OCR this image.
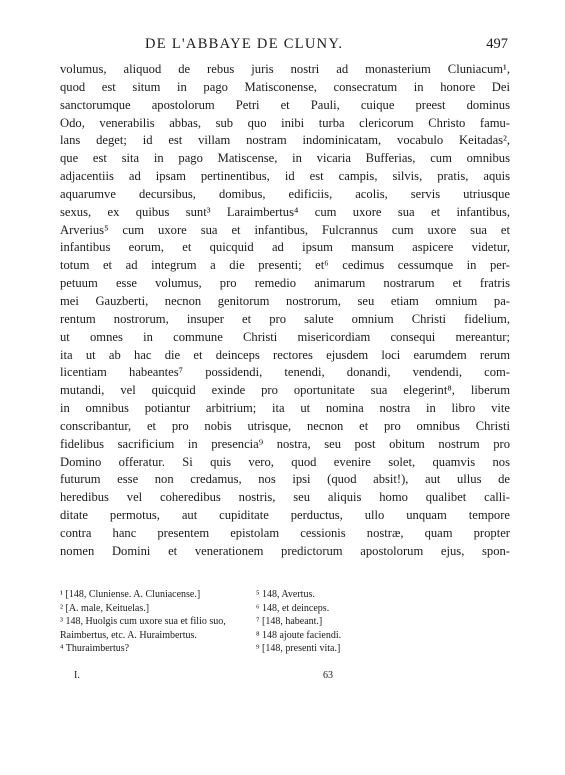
DE L'ABBAYE DE CLUNY.	497
volumus, aliquod de rebus juris nostri ad monasterium Cluniacum¹,
quod est situm in pago Matisconense, consecratum in honore Dei
sanctorumque apostolorum Petri et Pauli, cuique preest dominus
Odo, venerabilis abbas, sub quo inibi turba clericorum Christo famu-
lans deget; id est villam nostram indominicatam, vocabulo Keitadas²,
que est sita in pago Matiscense, in vicaria Bufferias, cum omnibus
adjacentiis ad ipsam pertinentibus, id est campis, silvis, pratis, aquis
aquarumve decursibus, domibus, edificiis, acolis, servis utriusque
sexus, ex quibus sunt³ Laraimbertus⁴ cum uxore sua et infantibus,
Arverius⁵ cum uxore sua et infantibus, Fulcrannus cum uxore sua et
infantibus eorum, et quicquid ad ipsum mansum aspicere videtur,
totum et ad integrum a die presenti; et⁶ cedimus cessumque in per-
petuum esse volumus, pro remedio animarum nostrarum et fratris
mei Gauzberti, necnon genitorum nostrorum, seu etiam omnium pa-
rentum nostrorum, insuper et pro salute omnium Christi fidelium,
ut omnes in commune Christi misericordiam consequi mereantur;
ita ut ab hac die et deinceps rectores ejusdem loci earumdem rerum
licentiam habeantes⁷ possidendi, tenendi, donandi, vendendi, com-
mutandi, vel quicquid exinde pro oportunitate sua elegerint⁸, liberum
in omnibus potiantur arbitrium; ita ut nomina nostra in libro vite
conscribantur, et pro nobis utrisque, necnon et pro omnibus Christi
fidelibus sacrificium in presencia⁹ nostra, seu post obitum nostrum pro
Domino offeratur. Si quis vero, quod evenire solet, quamvis nos
futurum esse non credamus, nos ipsi (quod absit!), aut ullus de
heredibus vel coheredibus nostris, seu aliquis homo qualibet calli-
ditate permotus, aut cupiditate perductus, ullo unquam tempore
contra hanc presentem epistolam cessionis nostræ, quam propter
nomen Domini et venerationem predictorum apostolorum ejus, spon-
¹ [148, Cluniense. A. Cluniacense.]
² [A. male, Keituelas.]
³ 148, Huolgis cum uxore sua et filio suo,
Raimbertus, etc. A. Huraimbertus.
⁴ Thuraimbertus?
⁵ 148, Avertus.
⁶ 148, et deinceps.
⁷ [148, habeant.]
⁸ 148 ajoute faciendi.
⁹ [148, presenti vita.]
I.	63
